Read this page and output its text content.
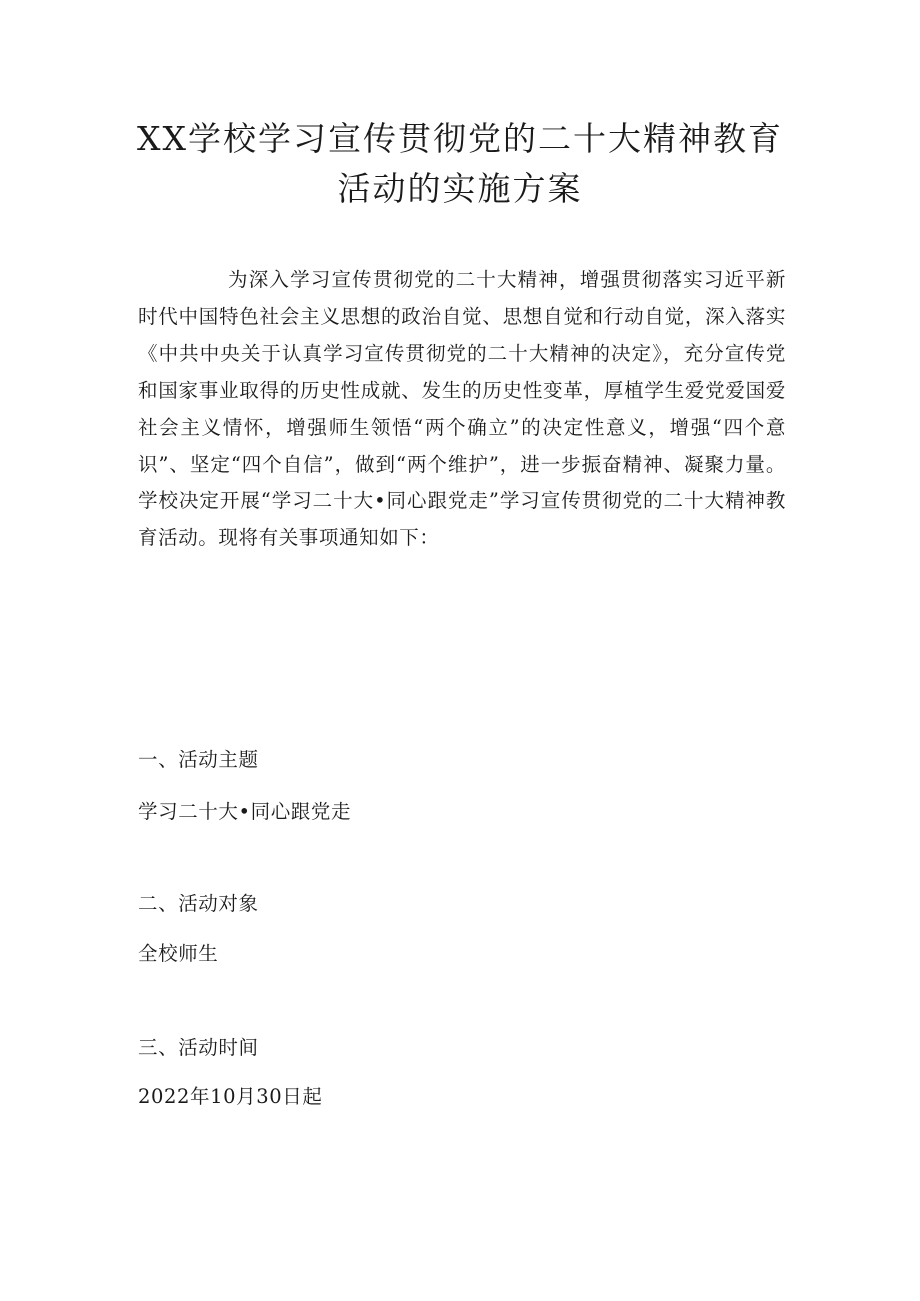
XX学校学习宣传贯彻党的二十大精神教育
活动的实施方案

为深入学习宣传贯彻党的二十大精神，增强贯彻落实习近平新时代中国特色社会主义思想的政治自觉、思想自觉和行动自觉，深入落实《中共中央关于认真学习宣传贯彻党的二十大精神的决定》，充分宣传党和国家事业取得的历史性成就、发生的历史性变革，厚植学生爱党爱国爱社会主义情怀，增强师生领悟“两个确立”的决定性意义，增强“四个意识”、坚定“四个自信”，做到“两个维护”，进一步振奋精神、凝聚力量。学校决定开展“学习二十大•同心跟党走”学习宣传贯彻党的二十大精神教育活动。现将有关事项通知如下：

一、活动主题

学习二十大•同心跟党走

二、活动对象

全校师生

三、活动时间

2022年10月30日起
